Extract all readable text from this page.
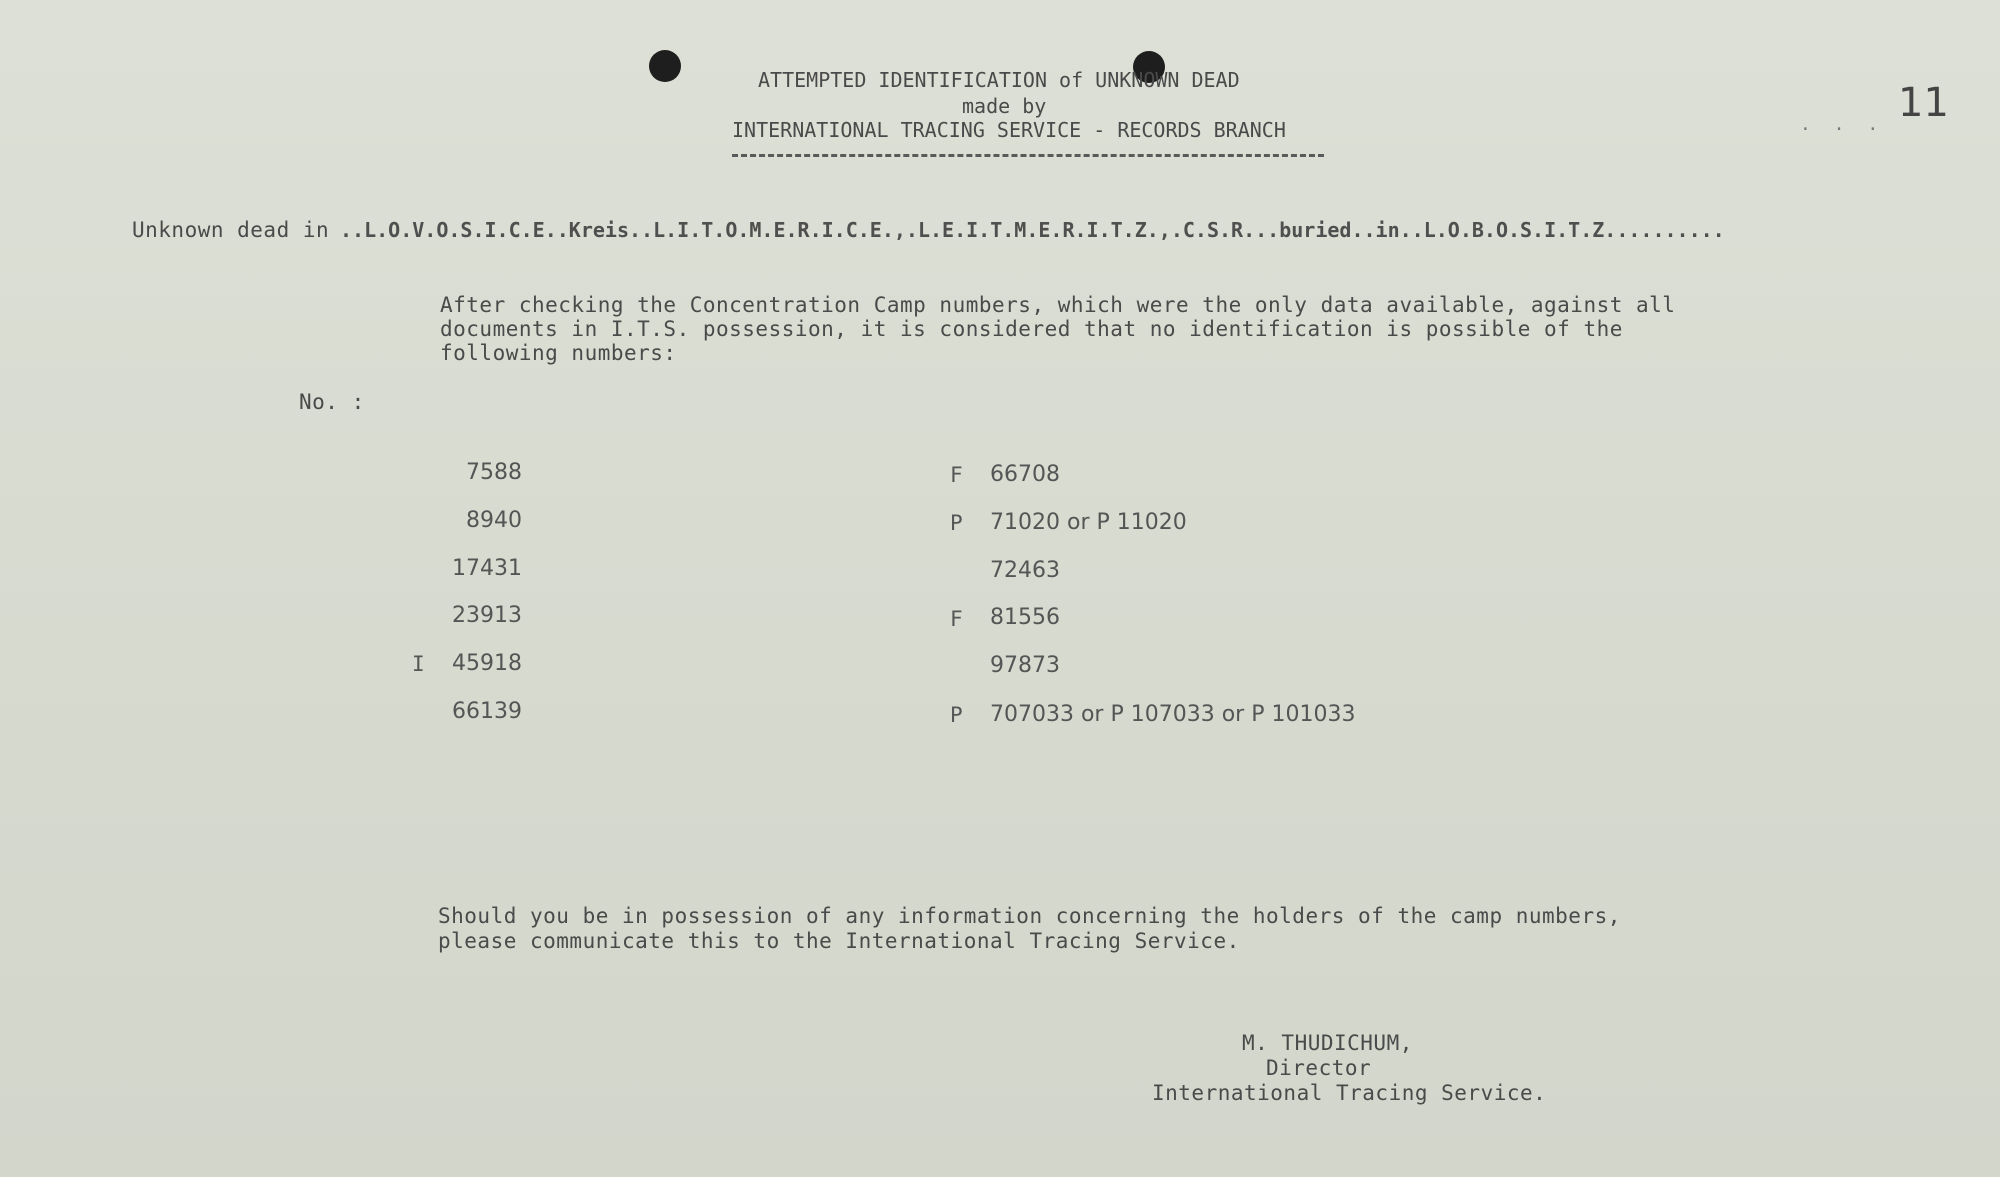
11
. . .
ATTEMPTED IDENTIFICATION of UNKNOWN DEAD
made by
INTERNATIONAL TRACING SERVICE - RECORDS BRANCH
Unknown dead in ..L.O.V.O.S.I.C.E..Kreis..L.I.T.O.M.E.R.I.C.E.,.L.E.I.T.M.E.R.I.T.Z.,.C.S.R...buried..in..L.O.B.O.S.I.T.Z..........
After checking the Concentration Camp numbers, which were the only data available, against all
documents in I.T.S. possession, it is considered that no identification is possible of the
following numbers:
No. :
7588
8940
17431
23913
I 45918
66139
F 66708
P 71020 or P 11020
72463
F 81556
97873
P 707033 or P 107033 or P 101033
Should you be in possession of any information concerning the holders of the camp numbers,
please communicate this to the International Tracing Service.
M. THUDICHUM,
Director
International Tracing Service.
